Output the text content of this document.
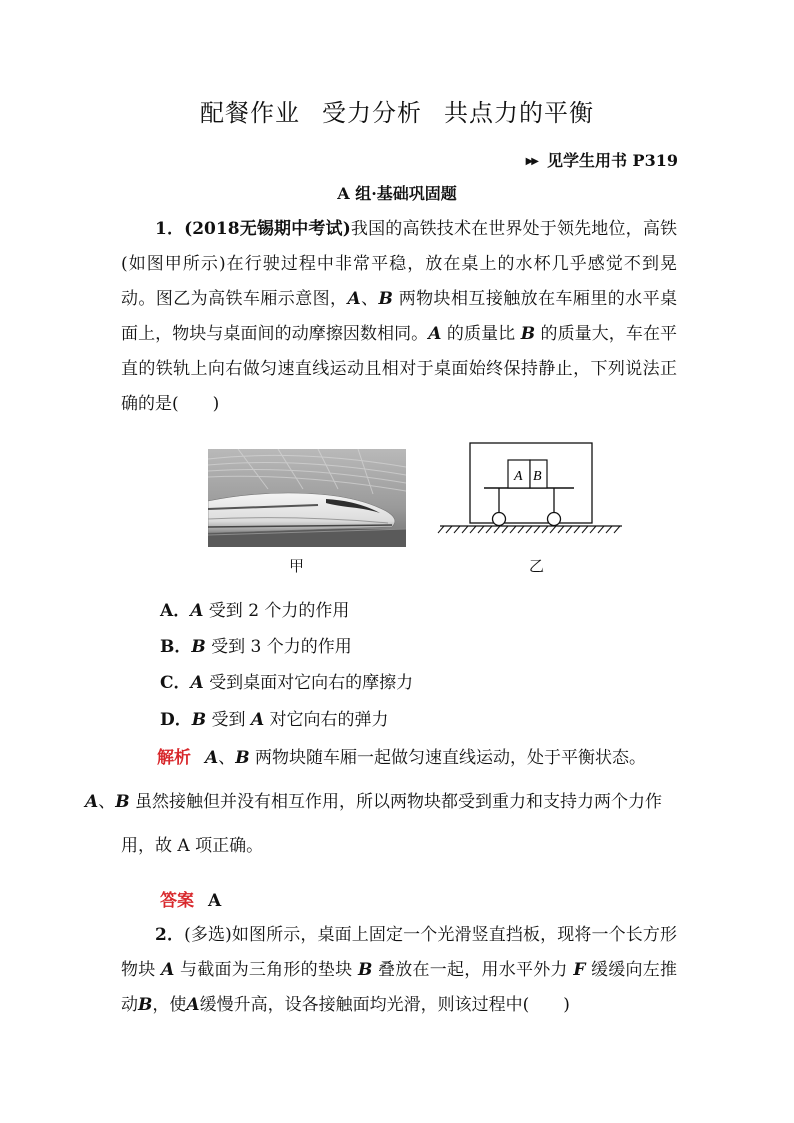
配餐作业 受力分析 共点力的平衡
▶▶ 见学生用书 P319
A 组·基础巩固题
1．(2018无锡期中考试)我国的高铁技术在世界处于领先地位，高铁(如图甲所示)在行驶过程中非常平稳，放在桌上的水杯几乎感觉不到晃动。图乙为高铁车厢示意图，A、B 两物块相互接触放在车厢里的水平桌面上，物块与桌面间的动摩擦因数相同。A 的质量比 B 的质量大，车在平直的铁轨上向右做匀速直线运动且相对于桌面始终保持静止，下列说法正确的是(　　)
A B
甲	乙
A．A 受到 2 个力的作用
B．B 受到 3 个力的作用
C．A 受到桌面对它向右的摩擦力
D．B 受到 A 对它向右的弹力
解析 A、B 两物块随车厢一起做匀速直线运动，处于平衡状态。
A、B 虽然接触但并没有相互作用，所以两物块都受到重力和支持力两个力作用，故 A 项正确。
答案 A
2．(多选)如图所示，桌面上固定一个光滑竖直挡板，现将一个长方形物块 A 与截面为三角形的垫块 B 叠放在一起，用水平外力 F 缓缓向左推动B，使A缓慢升高，设各接触面均光滑，则该过程中(　　)
